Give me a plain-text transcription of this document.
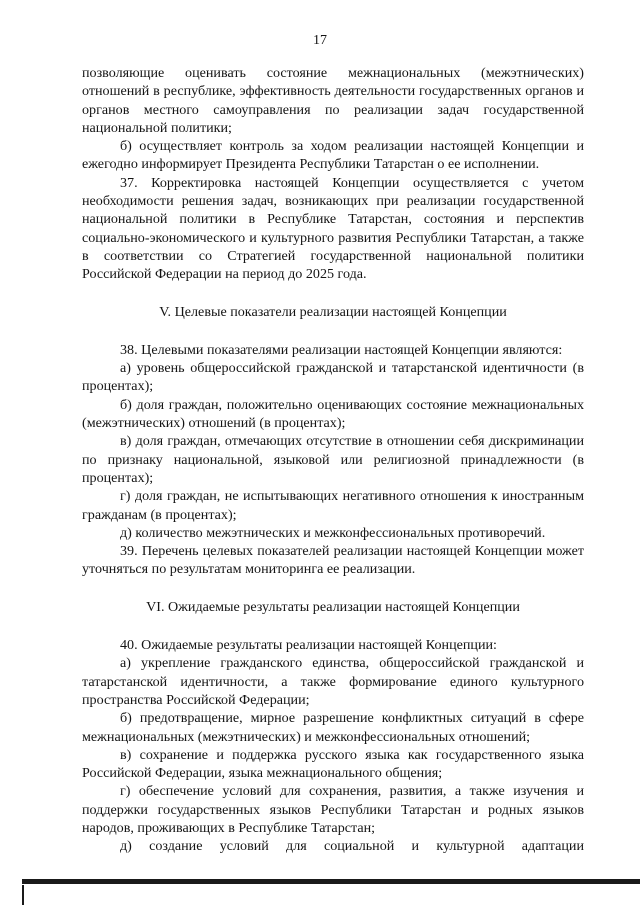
17
позволяющие оценивать состояние межнациональных (межэтнических) отношений в республике, эффективность деятельности государственных органов и органов местного самоуправления по реализации задач государственной национальной политики;
б) осуществляет контроль за ходом реализации настоящей Концепции и ежегодно информирует Президента Республики Татарстан о ее исполнении.
37. Корректировка настоящей Концепции осуществляется с учетом необходимости решения задач, возникающих при реализации государственной национальной политики в Республике Татарстан, состояния и перспектив социально-экономического и культурного развития Республики Татарстан, а также в соответствии со Стратегией государственной национальной политики Российской Федерации на период до 2025 года.
V. Целевые показатели реализации настоящей Концепции
38. Целевыми показателями реализации настоящей Концепции являются:
а) уровень общероссийской гражданской и татарстанской идентичности (в процентах);
б) доля граждан, положительно оценивающих состояние межнациональных (межэтнических) отношений (в процентах);
в) доля граждан, отмечающих отсутствие в отношении себя дискриминации по признаку национальной, языковой или религиозной принадлежности (в процентах);
г) доля граждан, не испытывающих негативного отношения к иностранным гражданам (в процентах);
д) количество межэтнических и межконфессиональных противоречий.
39. Перечень целевых показателей реализации настоящей Концепции может уточняться по результатам мониторинга ее реализации.
VI. Ожидаемые результаты реализации настоящей Концепции
40. Ожидаемые результаты реализации настоящей Концепции:
а) укрепление гражданского единства, общероссийской гражданской и татарстанской идентичности, а также формирование единого культурного пространства Российской Федерации;
б) предотвращение, мирное разрешение конфликтных ситуаций в сфере межнациональных (межэтнических) и межконфессиональных отношений;
в) сохранение и поддержка русского языка как государственного языка Российской Федерации, языка межнационального общения;
г) обеспечение условий для сохранения, развития, а также изучения и поддержки государственных языков Республики Татарстан и родных языков народов, проживающих в Республике Татарстан;
д) создание условий для социальной и культурной адаптации
